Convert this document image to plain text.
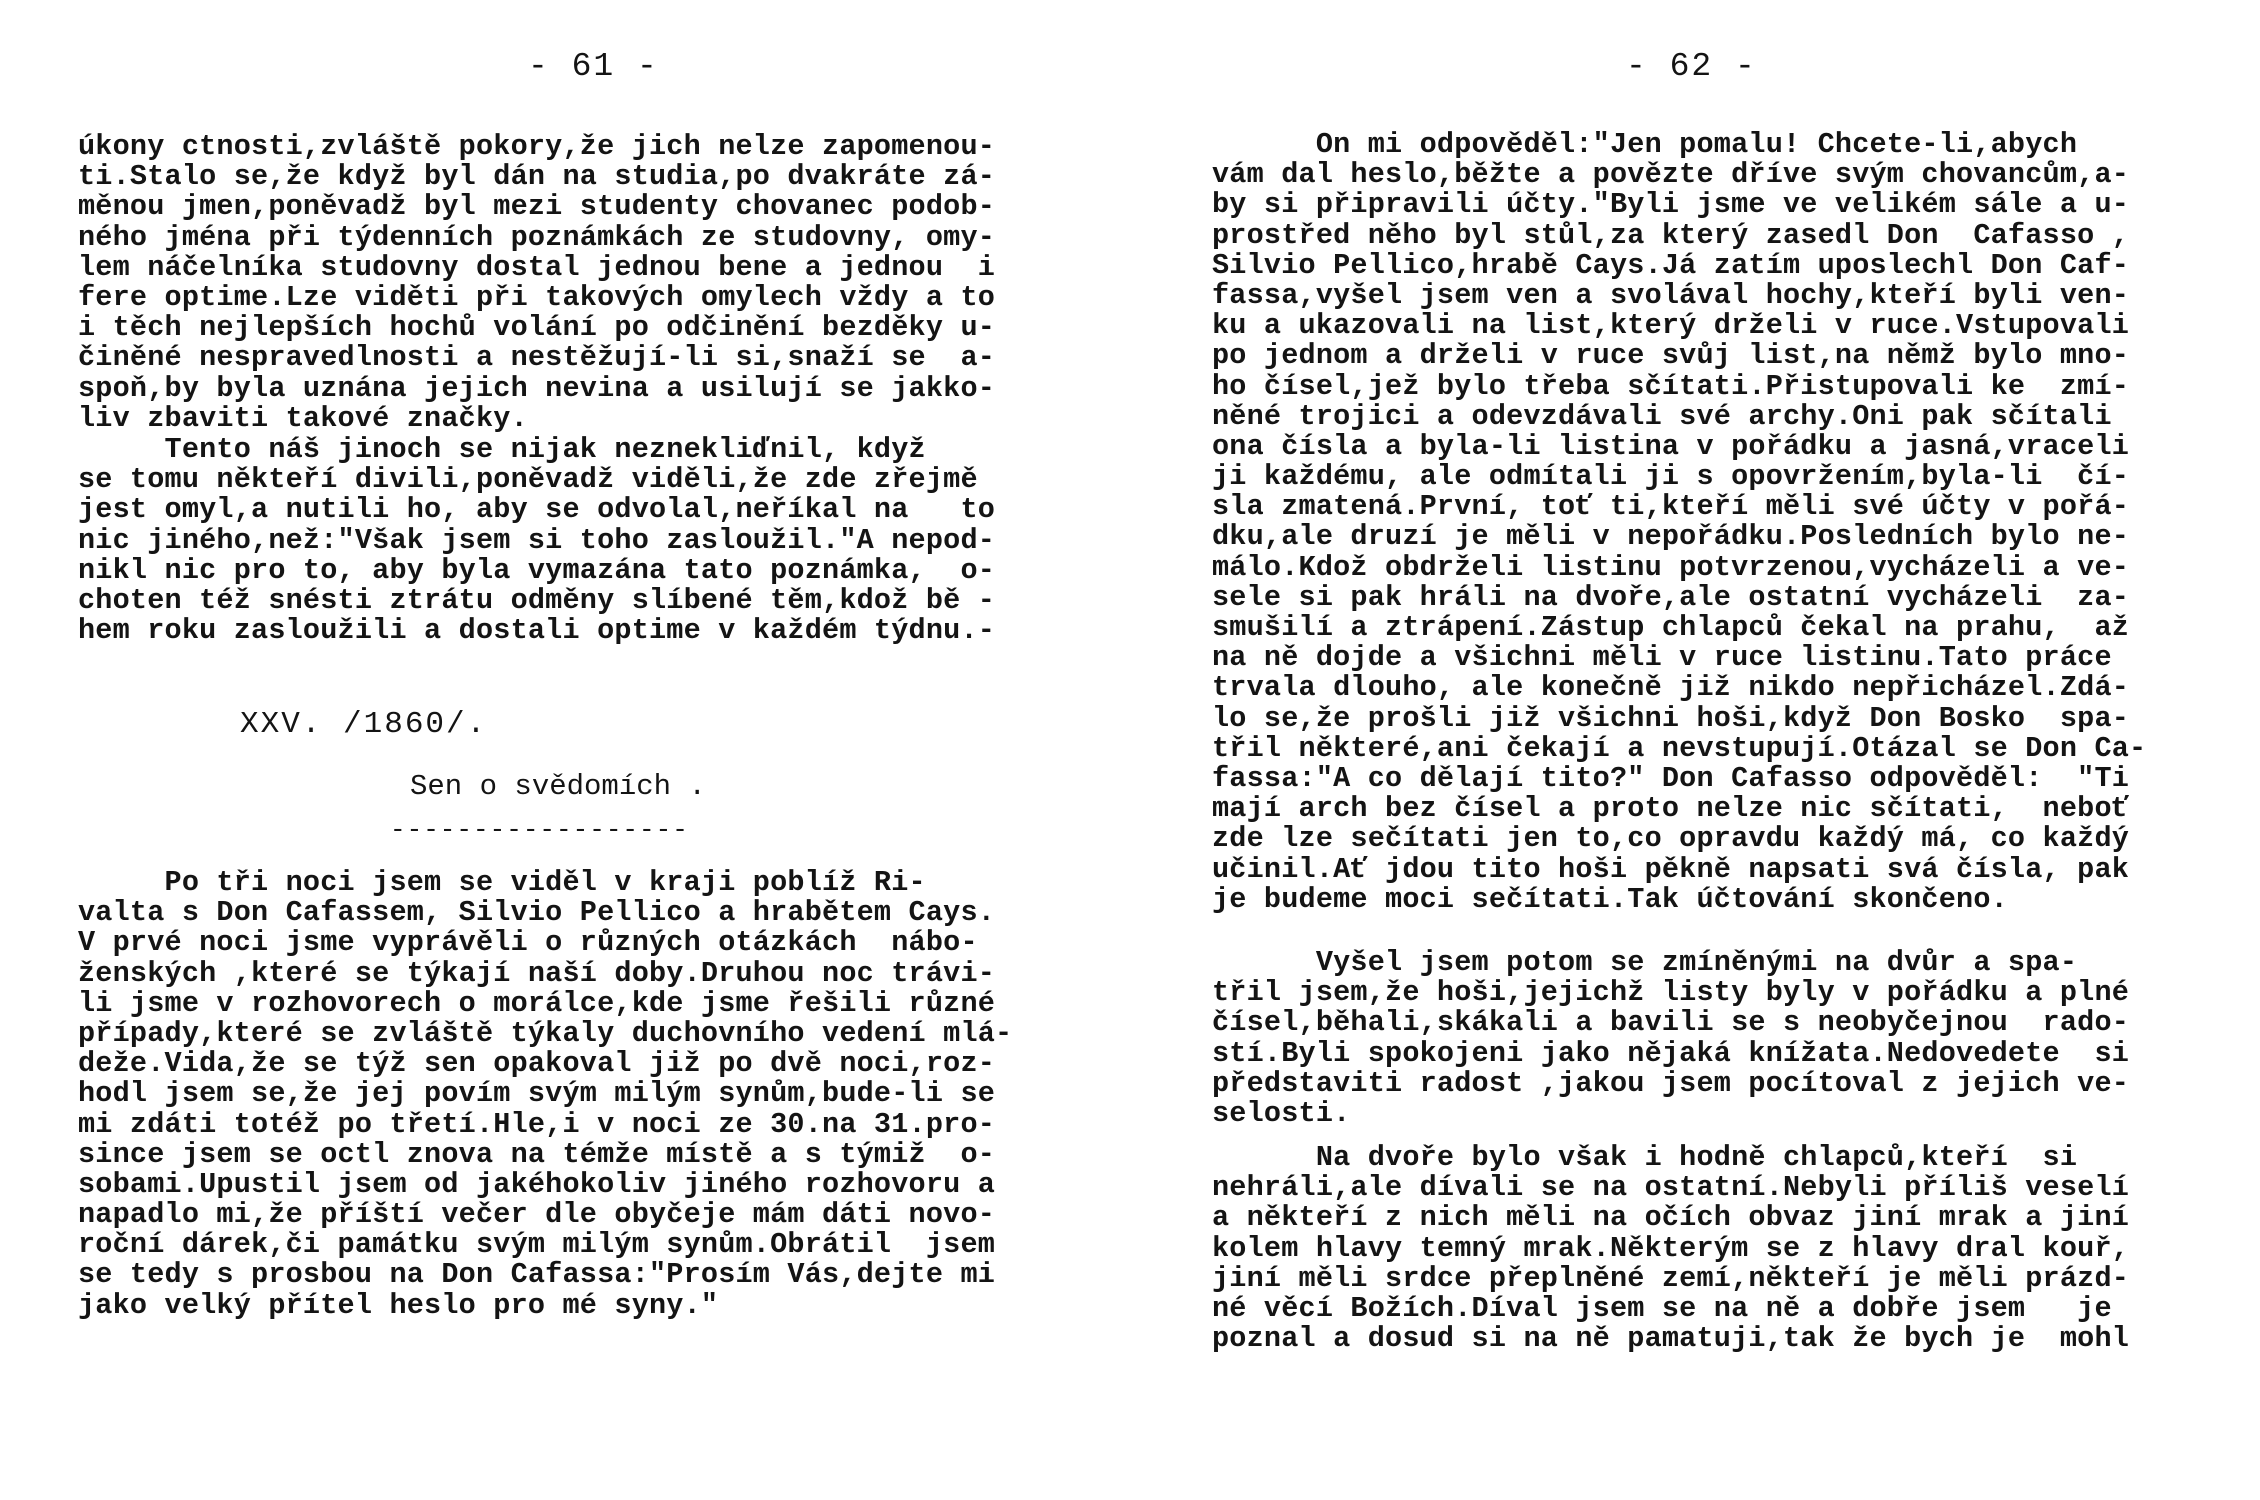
- 61 -
úkony ctnosti,zvláště pokory,že jich nelze zapomenou-
ti.Stalo se,že když byl dán na studia,po dvakráte zá-
měnou jmen,poněvadž byl mezi studenty chovanec podob-
ného jména při týdenních poznámkách ze studovny, omy-
lem náčelníka studovny dostal jednou bene a jednou  i
fere optime.Lze viděti při takových omylech vždy a to
i těch nejlepších hochů volání po odčinění bezděky u-
činěné nespravedlnosti a nestěžují-li si,snaží se  a-
spoň,by byla uznána jejich nevina a usilují se jakko-
liv zbaviti takové značky.
Tento náš jinoch se nijak neznekliďnil, když
se tomu někteří divili,poněvadž viděli,že zde zřejmě
jest omyl,a nutili ho, aby se odvolal,neříkal na   to
nic jiného,než:"Však jsem si toho zasloužil."A nepod-
nikl nic pro to, aby byla vymazána tato poznámka,  o-
choten též snésti ztrátu odměny slíbené těm,kdož bě -
hem roku zasloužili a dostali optime v každém týdnu.-
XXV. /1860/.
Sen o svědomích .
------------------
Po tři noci jsem se viděl v kraji poblíž Ri-
valta s Don Cafassem, Silvio Pellico a hrabětem Cays.
V prvé noci jsme vyprávěli o různých otázkách  nábo-
ženských ,které se týkají naší doby.Druhou noc trávi-
li jsme v rozhovorech o morálce,kde jsme řešili různé
případy,které se zvláště týkaly duchovního vedení mlá-
deže.Vida,že se týž sen opakoval již po dvě noci,roz-
hodl jsem se,že jej povím svým milým synům,bude-li se
mi zdáti totéž po třetí.Hle,i v noci ze 30.na 31.pro-
since jsem se octl znova na témže místě a s týmiž  o-
sobami.Upustil jsem od jakéhokoliv jiného rozhovoru a
napadlo mi,že příští večer dle obyčeje mám dáti novo-
roční dárek,či památku svým milým synům.Obrátil  jsem
se tedy s prosbou na Don Cafassa:"Prosím Vás,dejte mi
jako velký přítel heslo pro mé syny."
- 62 -
On mi odpověděl:"Jen pomalu! Chcete-li,abych
vám dal heslo,běžte a povězte dříve svým chovancům,a-
by si připravili účty."Byli jsme ve velikém sále a u-
prostřed něho byl stůl,za který zasedl Don  Cafasso ,
Silvio Pellico,hrabě Cays.Já zatím uposlechl Don Caf-
fassa,vyšel jsem ven a svolával hochy,kteří byli ven-
ku a ukazovali na list,který drželi v ruce.Vstupovali
po jednom a drželi v ruce svůj list,na němž bylo mno-
ho čísel,jež bylo třeba sčítati.Přistupovali ke  zmí-
něné trojici a odevzdávali své archy.Oni pak sčítali
ona čísla a byla-li listina v pořádku a jasná,vraceli
ji každému, ale odmítali ji s opovržením,byla-li  čí-
sla zmatená.První, toť ti,kteří měli své účty v pořá-
dku,ale druzí je měli v nepořádku.Posledních bylo ne-
málo.Kdož obdrželi listinu potvrzenou,vycházeli a ve-
sele si pak hráli na dvoře,ale ostatní vycházeli  za-
smušilí a ztrápení.Zástup chlapců čekal na prahu,  až
na ně dojde a všichni měli v ruce listinu.Tato práce
trvala dlouho, ale konečně již nikdo nepřicházel.Zdá-
lo se,že prošli již všichni hoši,když Don Bosko  spa-
třil některé,ani čekají a nevstupují.Otázal se Don Ca-
fassa:"A co dělají tito?" Don Cafasso odpověděl:  "Ti
mají arch bez čísel a proto nelze nic sčítati,  neboť
zde lze sečítati jen to,co opravdu každý má, co každý
učinil.Ať jdou tito hoši pěkně napsati svá čísla, pak
je budeme moci sečítati.Tak účtování skončeno.
Vyšel jsem potom se zmíněnými na dvůr a spa-
třil jsem,že hoši,jejichž listy byly v pořádku a plné
čísel,běhali,skákali a bavili se s neobyčejnou  rado-
stí.Byli spokojeni jako nějaká knížata.Nedovedete  si
představiti radost ,jakou jsem pocítoval z jejich ve-
selosti.
Na dvoře bylo však i hodně chlapců,kteří  si
nehráli,ale dívali se na ostatní.Nebyli příliš veselí
a někteří z nich měli na očích obvaz jiní mrak a jiní
kolem hlavy temný mrak.Některým se z hlavy dral kouř,
jiní měli srdce přeplněné zemí,někteří je měli prázd-
né věcí Božích.Díval jsem se na ně a dobře jsem   je
poznal a dosud si na ně pamatuji,tak že bych je  mohl
